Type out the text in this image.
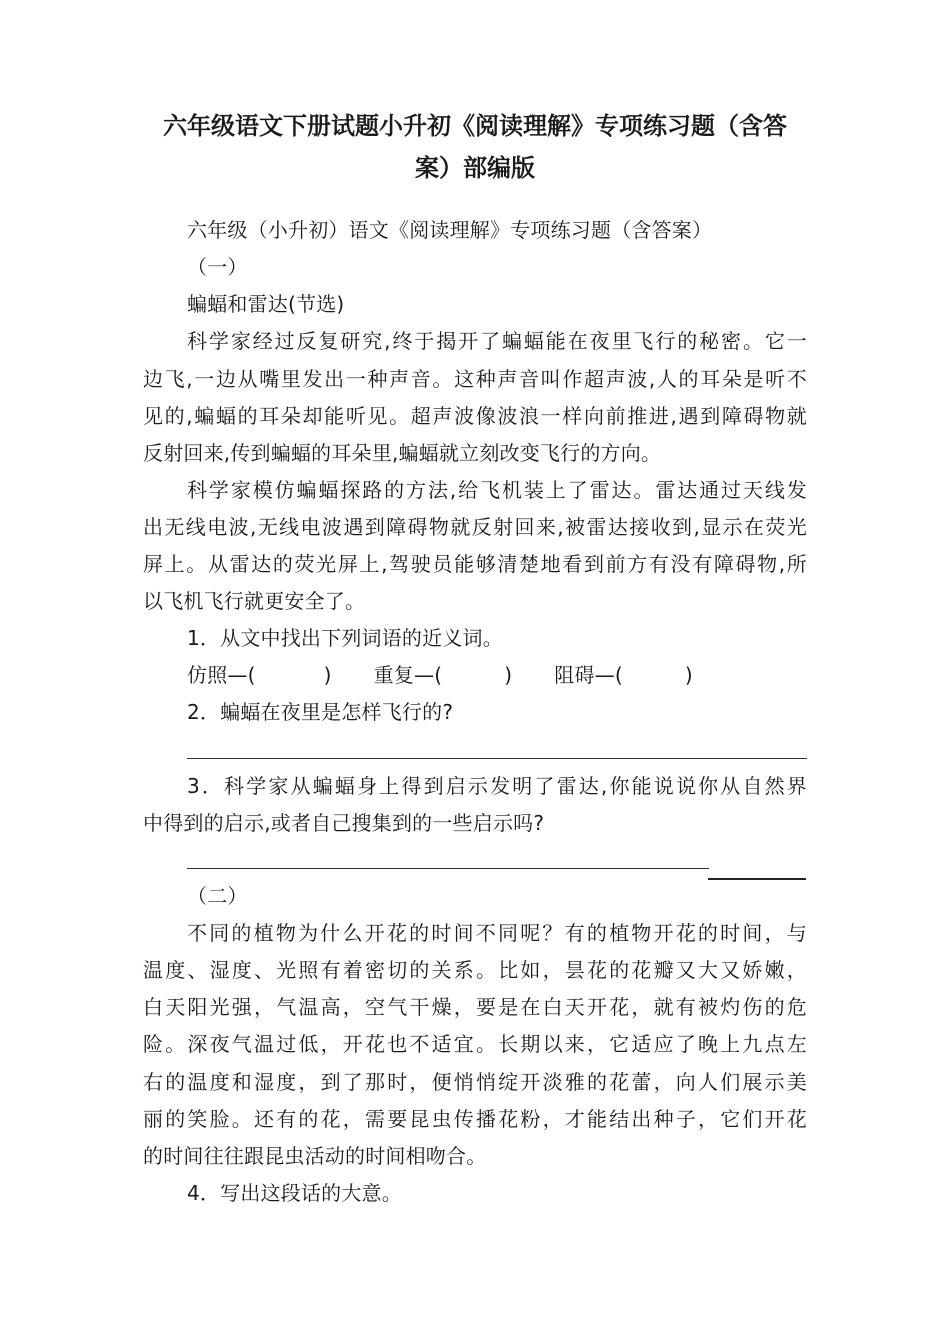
六年级语文下册试题小升初《阅读理解》专项练习题（含答
案）部编版
六年级（小升初）语文《阅读理解》专项练习题（含答案）
（一）
蝙蝠和雷达(节选)
科学家经过反复研究,终于揭开了蝙蝠能在夜里飞行的秘密。它一
边飞,一边从嘴里发出一种声音。这种声音叫作超声波,人的耳朵是听不
见的,蝙蝠的耳朵却能听见。超声波像波浪一样向前推进,遇到障碍物就
反射回来,传到蝙蝠的耳朵里,蝙蝠就立刻改变飞行的方向。
科学家模仿蝙蝠探路的方法,给飞机装上了雷达。雷达通过天线发
出无线电波,无线电波遇到障碍物就反射回来,被雷达接收到,显示在荧光
屏上。从雷达的荧光屏上,驾驶员能够清楚地看到前方有没有障碍物,所
以飞机飞行就更安全了。
1．从文中找出下列词语的近义词。
仿照—(	) 重复—(	) 阻碍—(	)
2．蝙蝠在夜里是怎样飞行的?
3．科学家从蝙蝠身上得到启示发明了雷达,你能说说你从自然界
中得到的启示,或者自己搜集到的一些启示吗?
（二）
不同的植物为什么开花的时间不同呢？有的植物开花的时间，与
温度、湿度、光照有着密切的关系。比如，昙花的花瓣又大又娇嫩，
白天阳光强，气温高，空气干燥，要是在白天开花，就有被灼伤的危
险。深夜气温过低，开花也不适宜。长期以来，它适应了晚上九点左
右的温度和湿度，到了那时，便悄悄绽开淡雅的花蕾，向人们展示美
丽的笑脸。还有的花，需要昆虫传播花粉，才能结出种子，它们开花
的时间往往跟昆虫活动的时间相吻合。
4．写出这段话的大意。
